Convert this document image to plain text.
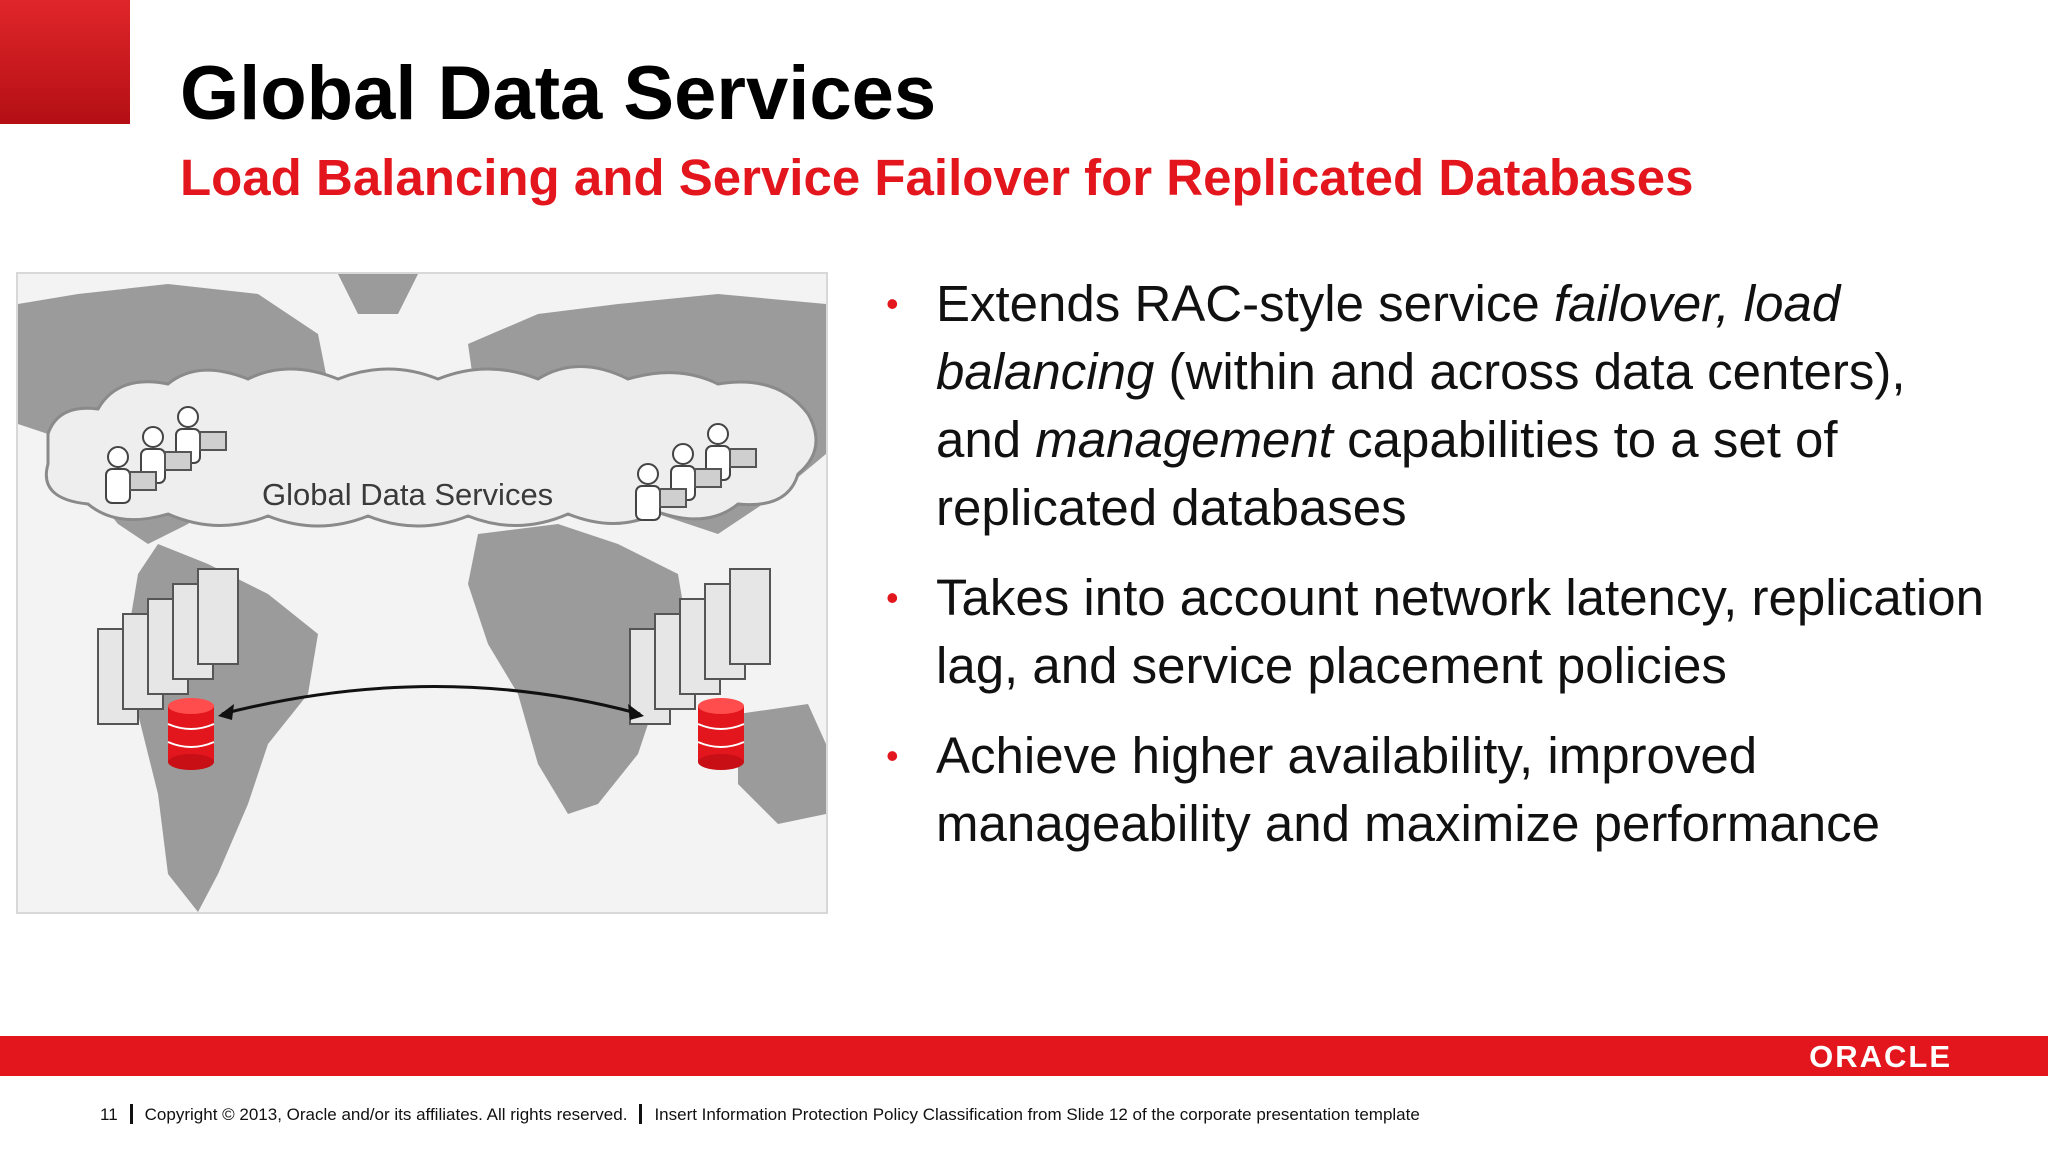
Global Data Services
Load Balancing and Service Failover for Replicated Databases
Global Data Services
• Extends RAC-style service failover, load balancing (within and across data centers), and management capabilities to a set of replicated databases
• Takes into account network latency, replication lag, and service placement policies
• Achieve higher availability, improved manageability and maximize performance
ORACLE
11 Copyright © 2013, Oracle and/or its affiliates. All rights reserved. Insert Information Protection Policy Classification from Slide 12 of the corporate presentation template
